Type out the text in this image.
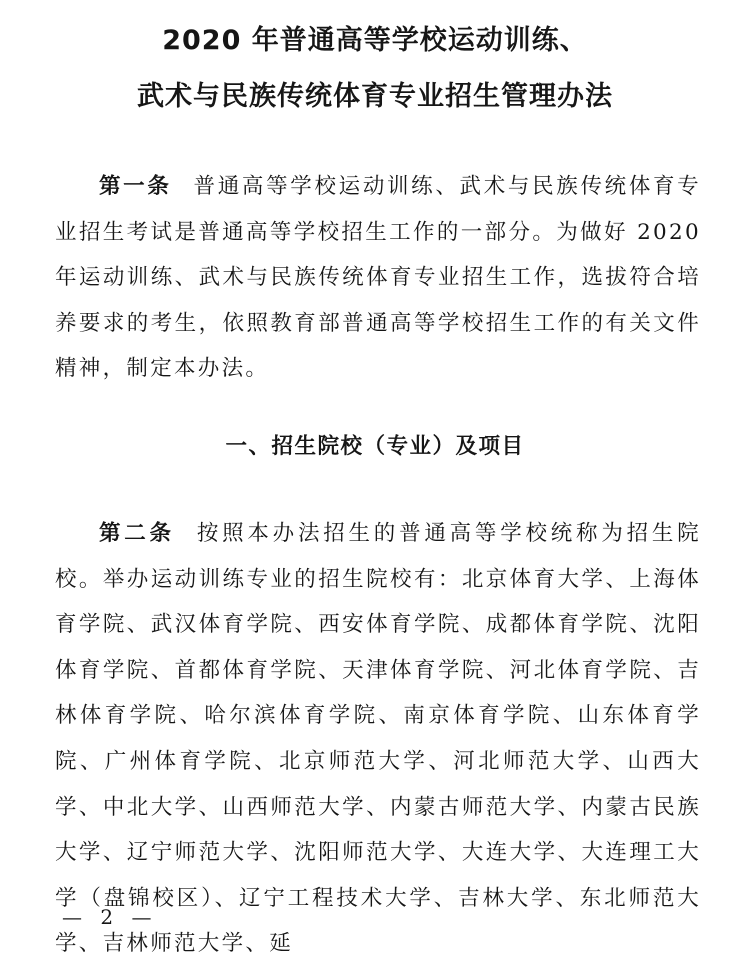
2020 年普通高等学校运动训练、
武术与民族传统体育专业招生管理办法
第一条 普通高等学校运动训练、武术与民族传统体育专业招生考试是普通高等学校招生工作的一部分。为做好 2020 年运动训练、武术与民族传统体育专业招生工作，选拔符合培养要求的考生，依照教育部普通高等学校招生工作的有关文件精神，制定本办法。
一、招生院校（专业）及项目
第二条 按照本办法招生的普通高等学校统称为招生院校。举办运动训练专业的招生院校有：北京体育大学、上海体育学院、武汉体育学院、西安体育学院、成都体育学院、沈阳体育学院、首都体育学院、天津体育学院、河北体育学院、吉林体育学院、哈尔滨体育学院、南京体育学院、山东体育学院、广州体育学院、北京师范大学、河北师范大学、山西大学、中北大学、山西师范大学、内蒙古师范大学、内蒙古民族大学、辽宁师范大学、沈阳师范大学、大连大学、大连理工大学（盘锦校区）、辽宁工程技术大学、吉林大学、东北师范大学、吉林师范大学、延
— 2 —
